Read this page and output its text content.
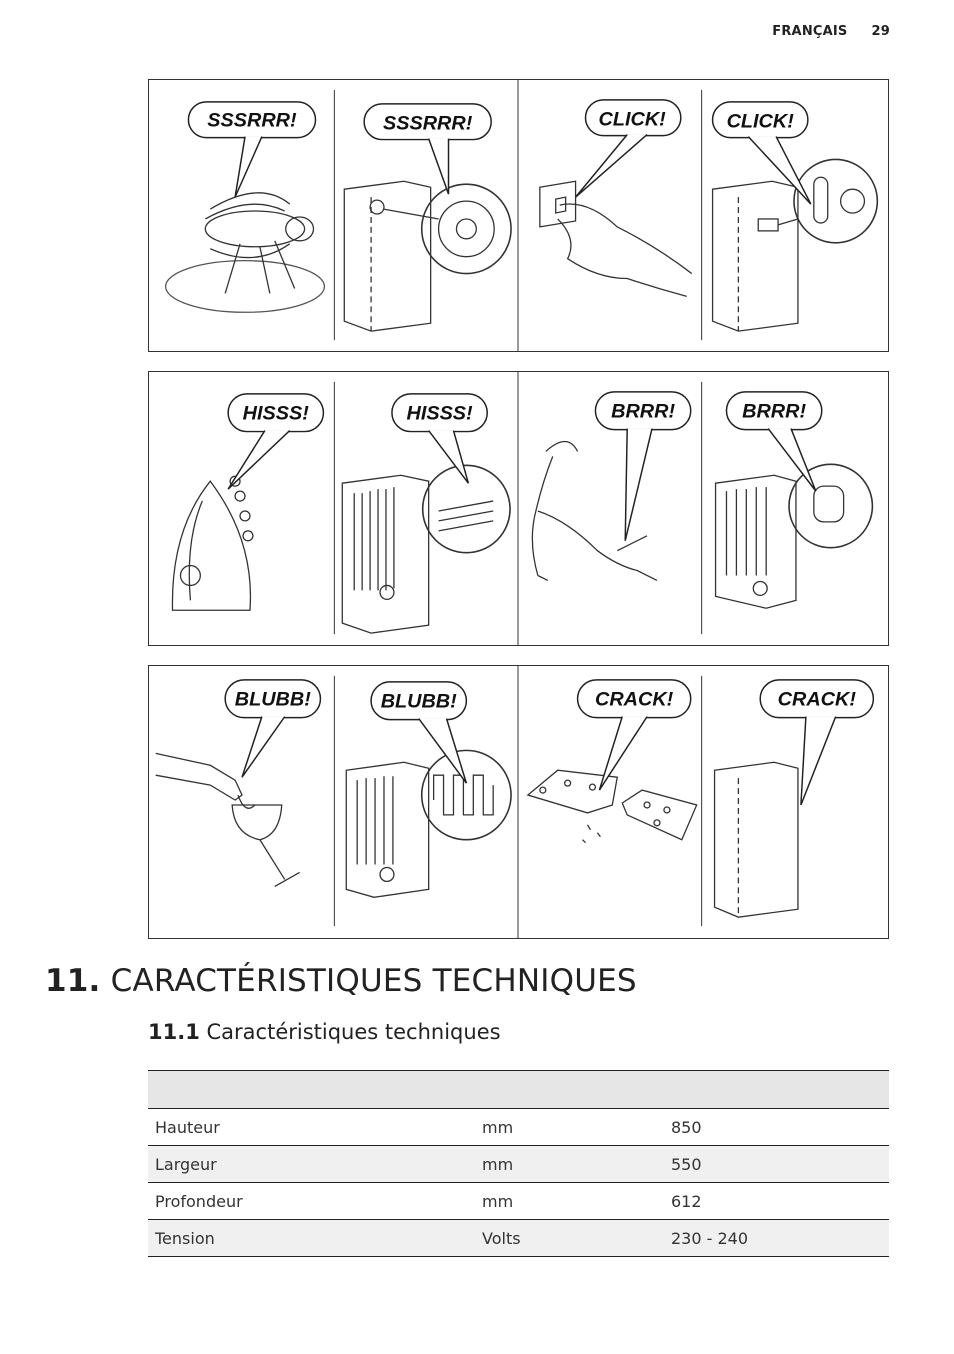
FRANÇAIS 29
SSSRRR!	SSSRRR!	CLICK!	CLICK!
HISSS!	HISSS!	BRRR!	BRRR!
BLUBB!	BLUBB!	CRACK!	CRACK!
11. CARACTÉRISTIQUES TECHNIQUES
11.1 Caractéristiques techniques

Hauteur	mm	850
Largeur	mm	550
Profondeur	mm	612
Tension	Volts	230 - 240
